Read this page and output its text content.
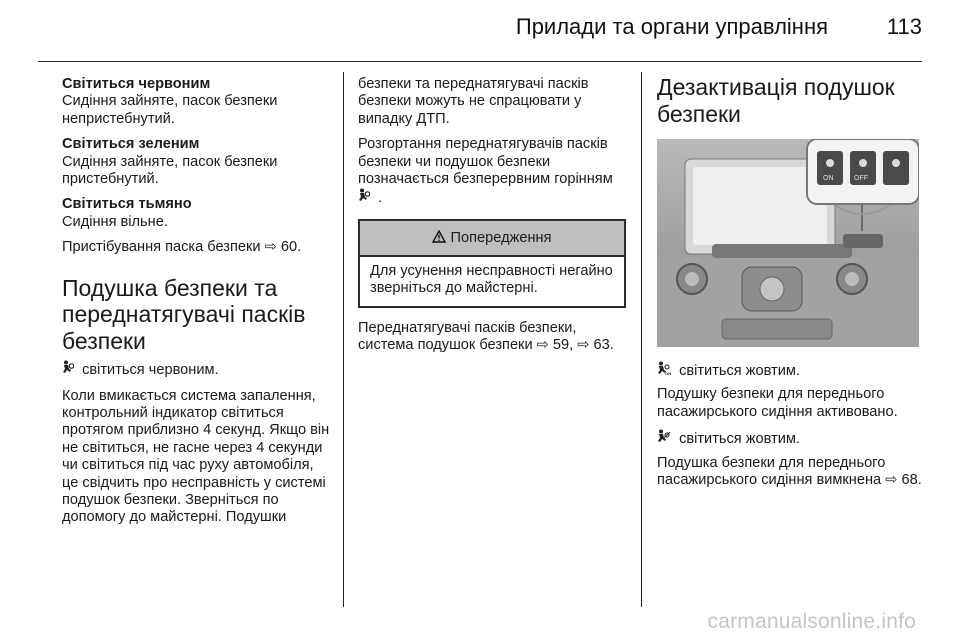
Прилади та органи управління	113

Світиться червоним

Сидіння зайняте, пасок безпеки непристебнутий.

Світиться зеленим

Сидіння зайняте, пасок безпеки пристебнутий.

Світиться тьмяно

Сидіння вільне.

Пристібування паска безпеки ⇨ 60.

Подушка безпеки та переднатягувачі пасків безпеки

світиться червоним.

Коли вмикається система запалення, контрольний індикатор світиться протягом приблизно 4 секунд. Якщо він не світиться, не гасне через 4 секунди чи світиться під час руху автомобіля, це свідчить про несправність у системі подушок безпеки. Зверніться по допомогу до майстерні. Подушки

безпеки та переднатягувачі пасків безпеки можуть не спрацювати у випадку ДТП.

Розгортання переднатягувачів пасків безпеки чи подушок безпеки позначається безперервним горінням  .

Попередження
Для усунення несправності негайно зверніться до майстерні.

Переднатягувачі пасків безпеки, система подушок безпеки ⇨ 59, ⇨ 63.

Дезактивація подушок безпеки
ON	OFF

ON світиться жовтим.

Подушку безпеки для переднього пасажирського сидіння активовано.

світиться жовтим.

Подушка безпеки для переднього пасажирського сидіння вимкнена ⇨ 68.

carmanualsonline.info
